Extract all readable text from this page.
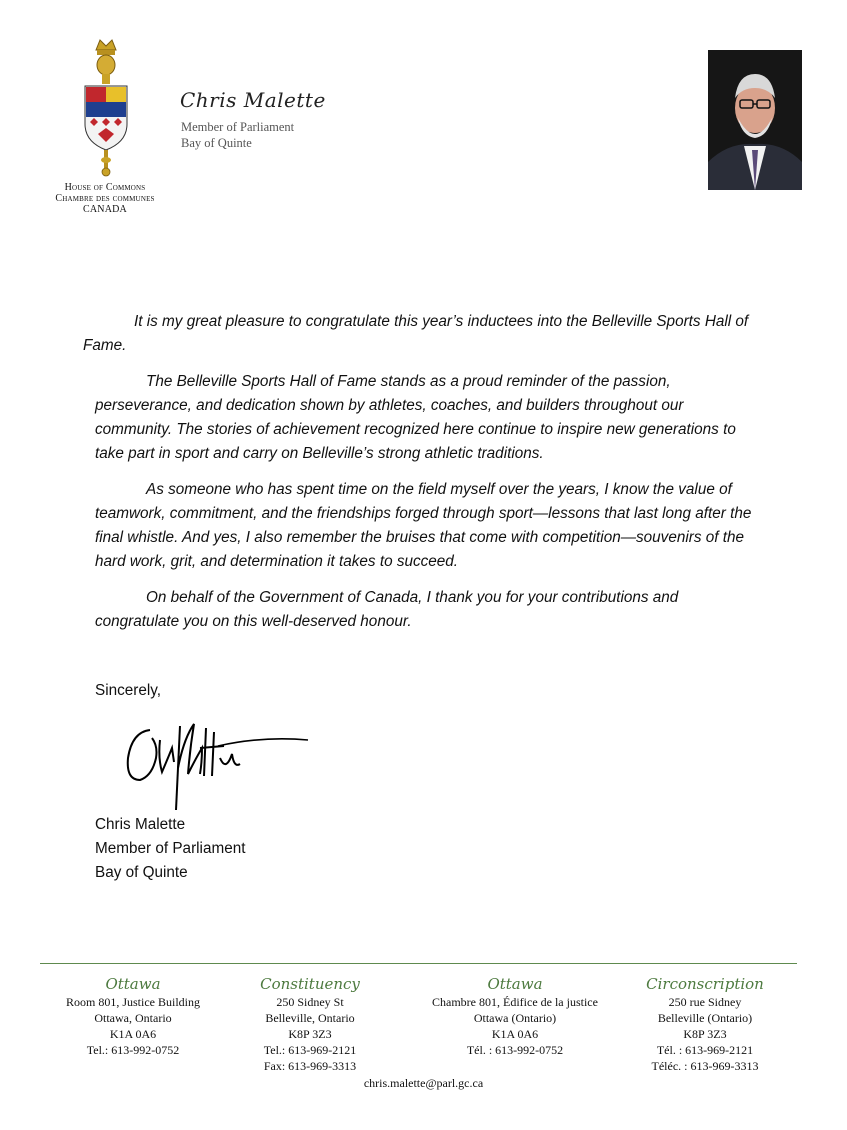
House of Commons
Chambre des communes
CANADA
Chris Malette
Member of Parliament
Bay of Quinte

It is my great pleasure to congratulate this year’s inductees into the Belleville Sports Hall of Fame.

The Belleville Sports Hall of Fame stands as a proud reminder of the passion, perseverance, and dedication shown by athletes, coaches, and builders throughout our community. The stories of achievement recognized here continue to inspire new generations to take part in sport and carry on Belleville’s strong athletic traditions.

As someone who has spent time on the field myself over the years, I know the value of teamwork, commitment, and the friendships forged through sport—lessons that last long after the final whistle. And yes, I also remember the bruises that come with competition—souvenirs of the hard work, grit, and determination it takes to succeed.

On behalf of the Government of Canada, I thank you for your contributions and congratulate you on this well-deserved honour.

Sincerely,
Chris Malette
Member of Parliament
Bay of Quinte
Ottawa
Room 801, Justice Building
Ottawa, Ontario
K1A 0A6
Tel.: 613-992-0752
Constituency
250 Sidney St
Belleville, Ontario
K8P 3Z3
Tel.: 613-969-2121
Fax: 613-969-3313
Ottawa
Chambre 801, Édifice de la justice
Ottawa (Ontario)
K1A 0A6
Tél. : 613-992-0752
Circonscription
250 rue Sidney
Belleville (Ontario)
K8P 3Z3
Tél. : 613-969-2121
Téléc. : 613-969-3313
chris.malette@parl.gc.ca
